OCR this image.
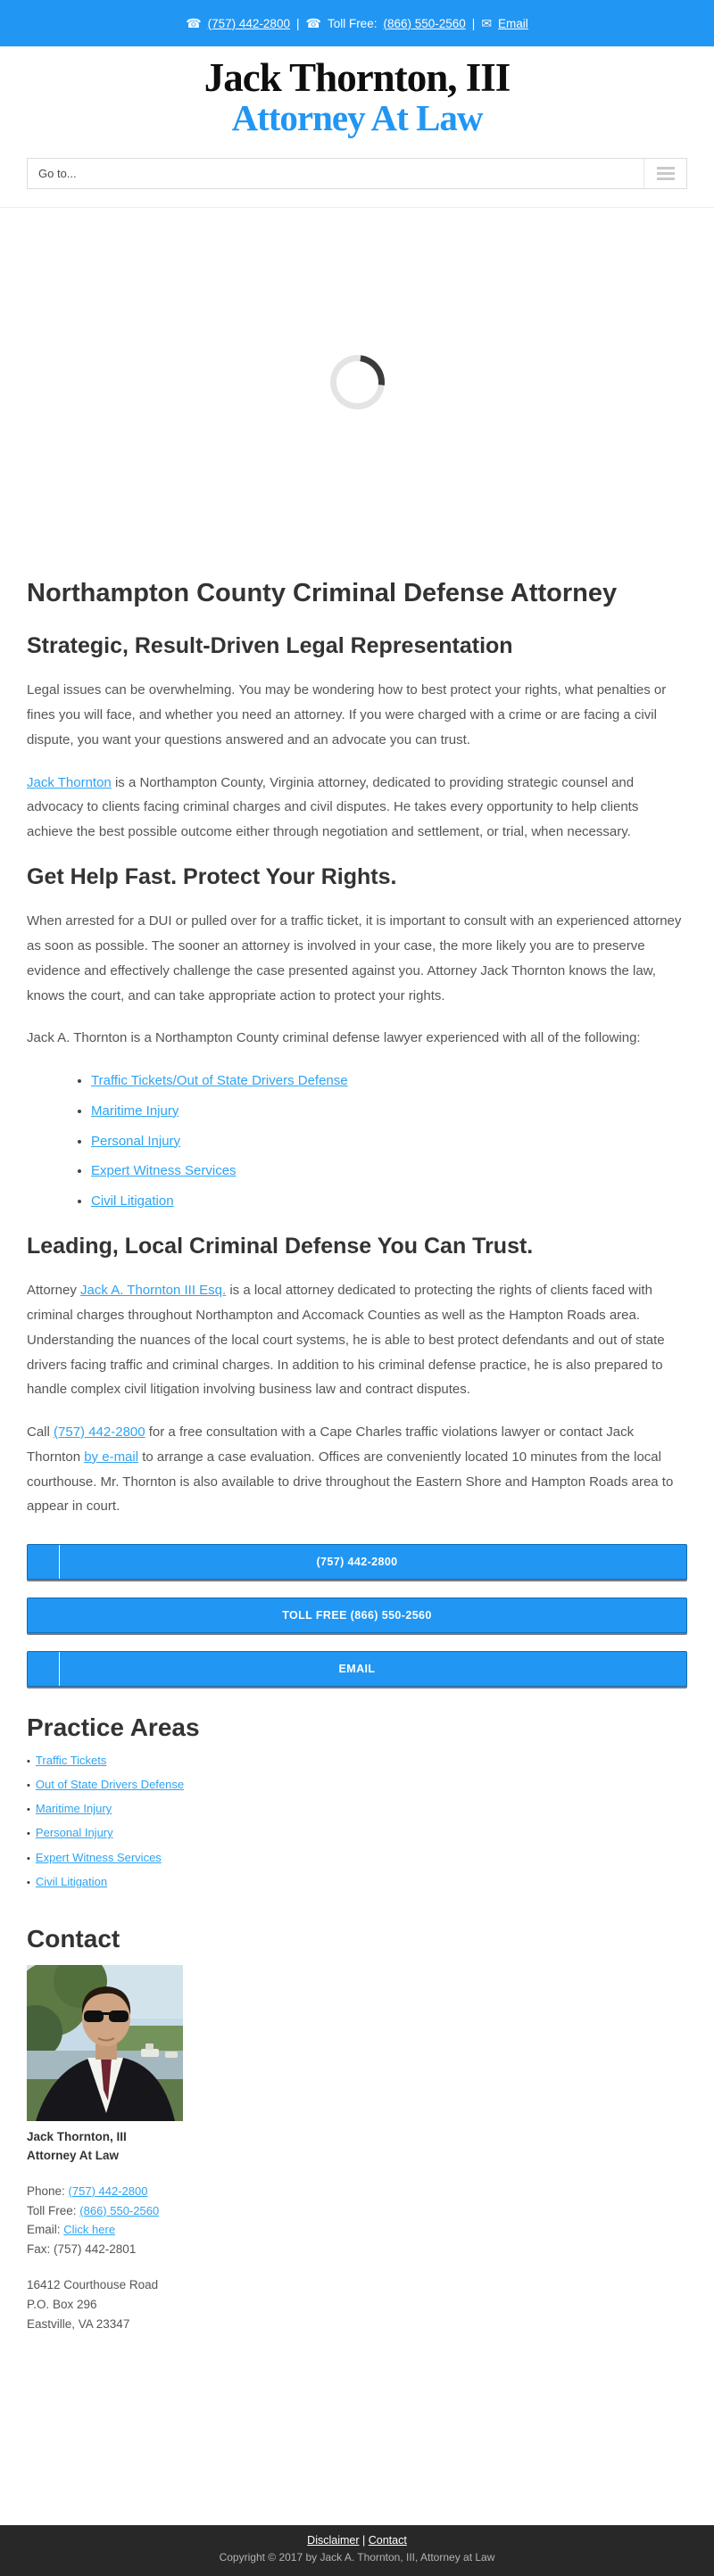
☎ (757) 442-2800 | ☎ Toll Free: (866) 550-2560 | ✉ Email
Jack Thornton, III
Attorney At Law
Go to...
Northampton County Criminal Defense Attorney
Strategic, Result-Driven Legal Representation

Legal issues can be overwhelming. You may be wondering how to best protect your rights, what penalties or fines you will face, and whether you need an attorney. If you were charged with a crime or are facing a civil dispute, you want your questions answered and an advocate you can trust.

Jack Thornton is a Northampton County, Virginia attorney, dedicated to providing strategic counsel and advocacy to clients facing criminal charges and civil disputes. He takes every opportunity to help clients achieve the best possible outcome either through negotiation and settlement, or trial, when necessary.

Get Help Fast. Protect Your Rights.

When arrested for a DUI or pulled over for a traffic ticket, it is important to consult with an experienced attorney as soon as possible. The sooner an attorney is involved in your case, the more likely you are to preserve evidence and effectively challenge the case presented against you. Attorney Jack Thornton knows the law, knows the court, and can take appropriate action to protect your rights.

Jack A. Thornton is a Northampton County criminal defense lawyer experienced with all of the following:

• Traffic Tickets/Out of State Drivers Defense
• Maritime Injury
• Personal Injury
• Expert Witness Services
• Civil Litigation
Leading, Local Criminal Defense You Can Trust.

Attorney Jack A. Thornton III Esq. is a local attorney dedicated to protecting the rights of clients faced with criminal charges throughout Northampton and Accomack Counties as well as the Hampton Roads area. Understanding the nuances of the local court systems, he is able to best protect defendants and out of state drivers facing traffic and criminal charges. In addition to his criminal defense practice, he is also prepared to handle complex civil litigation involving business law and contract disputes.

Call (757) 442-2800 for a free consultation with a Cape Charles traffic violations lawyer or contact Jack Thornton by e-mail to arrange a case evaluation. Offices are conveniently located 10 minutes from the local courthouse. Mr. Thornton is also available to drive throughout the Eastern Shore and Hampton Roads area to appear in court.

(757) 442-2800
TOLL FREE (866) 550-2560
EMAIL
Practice Areas
• Traffic Tickets
• Out of State Drivers Defense
• Maritime Injury
• Personal Injury
• Expert Witness Services
• Civil Litigation
Contact
Jack Thornton, III
Attorney At Law
Phone: (757) 442-2800
Toll Free: (866) 550-2560
Email: Click here
Fax: (757) 442-2801
16412 Courthouse Road
P.O. Box 296
Eastville, VA 23347
Disclaimer | Contact
Copyright © 2017 by Jack A. Thornton, III, Attorney at Law
